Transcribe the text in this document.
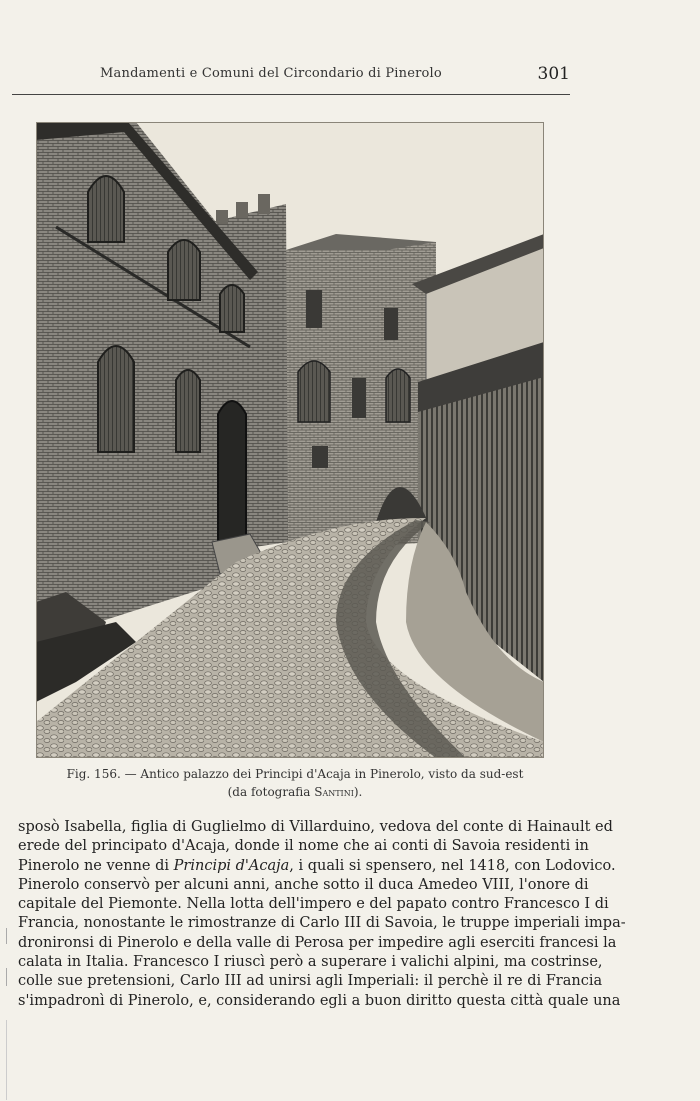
Mandamenti e Comuni del Circondario di Pinerolo	301
Fig. 156. — Antico palazzo dei Principi d'Acaja in Pinerolo, visto da sud-est
(da fotografia Santini).
sposò Isabella, figlia di Guglielmo di Villarduino, vedova del conte di Hainault ed
erede del principato d'Acaja, donde il nome che ai conti di Savoia residenti in
Pinerolo ne venne di Principi d'Acaja, i quali si spensero, nel 1418, con Lodovico.
Pinerolo conservò per alcuni anni, anche sotto il duca Amedeo VIII, l'onore di
capitale del Piemonte. Nella lotta dell'impero e del papato contro Francesco I di
Francia, nonostante le rimostranze di Carlo III di Savoia, le truppe imperiali impa-
dronironsi di Pinerolo e della valle di Perosa per impedire agli eserciti francesi la
calata in Italia. Francesco I riuscì però a superare i valichi alpini, ma costrinse,
colle sue pretensioni, Carlo III ad unirsi agli Imperiali: il perchè il re di Francia
s'impadronì di Pinerolo, e, considerando egli a buon diritto questa città quale una
